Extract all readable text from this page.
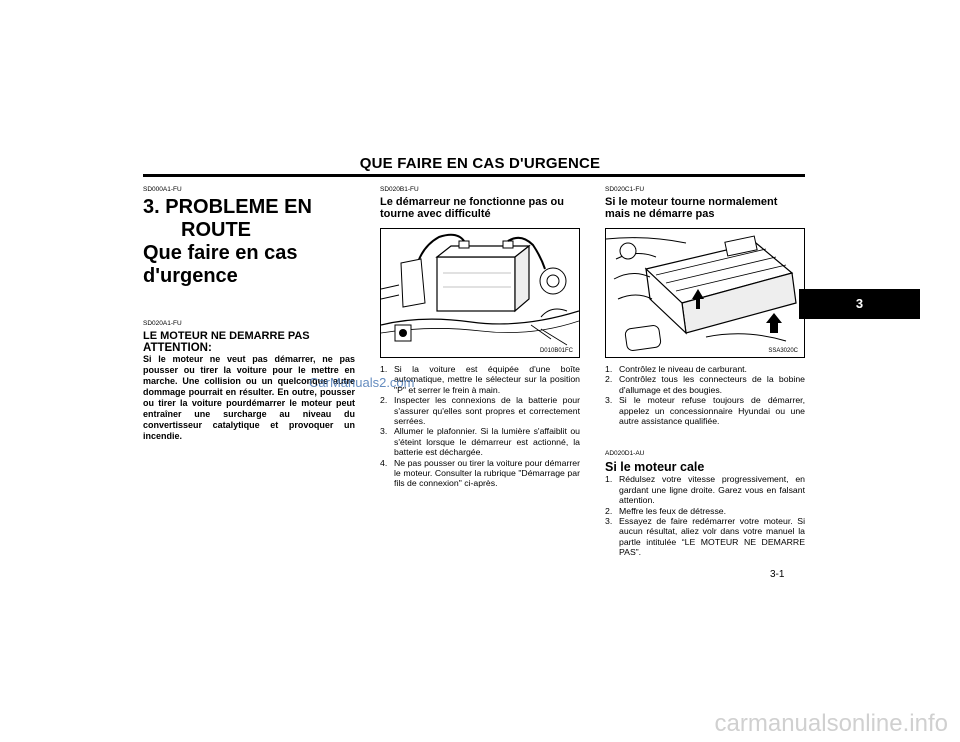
QUE FAIRE EN CAS D'URGENCE

SD000A1-FU

3. PROBLEME EN

ROUTE

Que faire en cas

d'urgence

SD020A1-FU

LE MOTEUR NE DEMARRE PAS

ATTENTION:

Si le moteur ne veut pas démarrer, ne pas pousser ou tirer la voiture pour le mettre en marche. Une collision ou un quelconque autre dommage pourrait en résulter. En outre, pousser ou tirer la voiture pourdémarrer le moteur peut entraîner une surcharge au niveau du convertisseur catalytique et provoquer un incendie.

SD020B1-FU

Le démarreur ne fonctionne pas ou tourne avec difficulté

D010B01FC
1. Si la voiture est équipée d'une boîte automatique, mettre le sélecteur sur la position "P" et serrer le frein à main.
2. Inspecter les connexions de la batterie pour s'assurer qu'elles sont propres et correctement serrées.
3. Allumer le plafonnier. Si la lumière s'affaiblit ou s'éteint lorsque le démarreur est actionné, la batterie est déchargée.
4. Ne pas pousser ou tirer la voiture pour démarrer le moteur. Consulter la rubrique "Démarrage par fils de connexion" ci-après.

SD020C1-FU

Si le moteur tourne normalement mais ne démarre pas

SSA3020C
1. Contrôlez le niveau de carburant.
2. Contrôlez tous les connecteurs de la bobine d'allumage et des bougies.
3. Si le moteur refuse toujours de démarrer, appelez un concessionnaire Hyundai ou une autre assistance qualifiée.

AD020D1-AU

Si le moteur cale

1. Rédulsez votre vitesse progressivement, en gardant une ligne droite. Garez vous en falsant attention.
2. Meffre les feux de détresse.
3. Essayez de faire redémarrer votre moteur. Si aucun résultat, aliez volr dans votre manuel la partle intitulée “LE MOTEUR NE DEMARRE PAS”.
3
3-1
CarManuals2.com
carmanualsonline.info
